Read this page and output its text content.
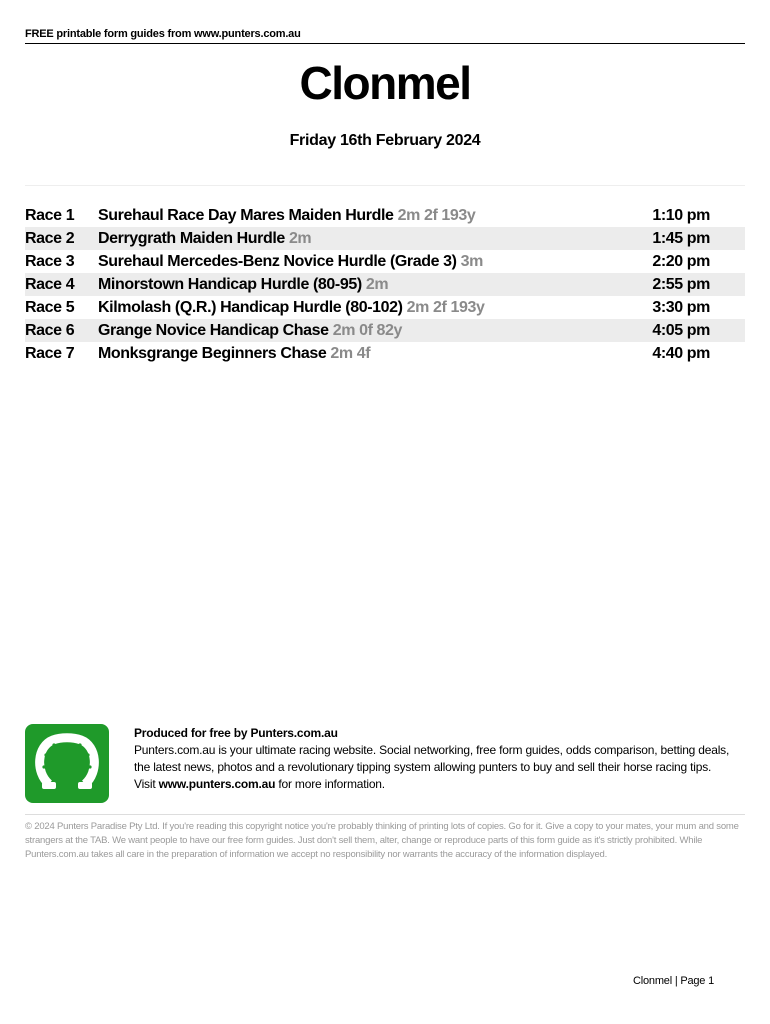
FREE printable form guides from www.punters.com.au
Clonmel
Friday 16th February 2024
Race 1 Surehaul Race Day Mares Maiden Hurdle 2m 2f 193y	1:10 pm
Race 2 Derrygrath Maiden Hurdle 2m	1:45 pm
Race 3 Surehaul Mercedes-Benz Novice Hurdle (Grade 3) 3m	2:20 pm
Race 4 Minorstown Handicap Hurdle (80-95) 2m	2:55 pm
Race 5 Kilmolash (Q.R.) Handicap Hurdle (80-102) 2m 2f 193y	3:30 pm
Race 6 Grange Novice Handicap Chase 2m 0f 82y	4:05 pm
Race 7 Monksgrange Beginners Chase 2m 4f	4:40 pm
Produced for free by Punters.com.au
Punters.com.au is your ultimate racing website. Social networking, free form guides, odds comparison, betting deals, the latest news, photos and a revolutionary tipping system allowing punters to buy and sell their horse racing tips.
Visit www.punters.com.au for more information.
© 2024 Punters Paradise Pty Ltd. If you're reading this copyright notice you're probably thinking of printing lots of copies. Go for it. Give a copy to your mates, your mum and some strangers at the TAB. We want people to have our free form guides. Just don't sell them, alter, change or reproduce parts of this form guide as it's strictly prohibited. While Punters.com.au takes all care in the preparation of information we accept no responsibility nor warrants the accuracy of the information displayed.
Clonmel | Page 1
